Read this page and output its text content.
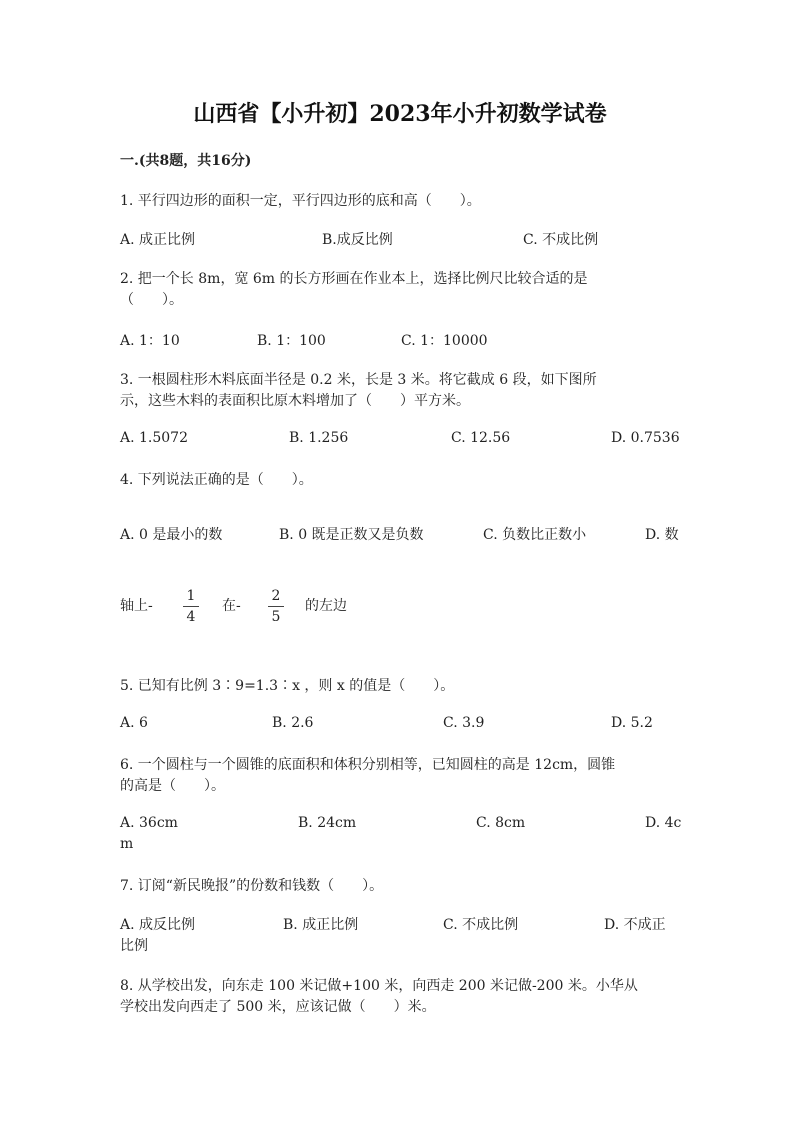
山西省【小升初】2023年小升初数学试卷
一.(共8题，共16分)
1. 平行四边形的面积一定，平行四边形的底和高（　　）。
A. 成正比例	B.成反比例	C. 不成比例
2. 把一个长 8m，宽 6m 的长方形画在作业本上，选择比例尺比较合适的是
（　　）。
A. 1：10	B. 1：100	C. 1：10000
3. 一根圆柱形木料底面半径是 0.2 米，长是 3 米。将它截成 6 段，如下图所
示，这些木料的表面积比原木料增加了（　　）平方米。
A. 1.5072	B. 1.256	C. 12.56	D. 0.7536
4. 下列说法正确的是（　　）。
A. 0 是最小的数	B. 0 既是正数又是负数	C. 负数比正数小	D. 数
轴上-
1
4
在-
2
5
的左边
5. 已知有比例 3∶9=1.3∶x ，则 x 的值是（　　）。
A. 6	B. 2.6	C. 3.9	D. 5.2
6. 一个圆柱与一个圆锥的底面积和体积分别相等，已知圆柱的高是 12cm，圆锥
的高是（　　）。
A. 36cm	B. 24cm	C. 8cm	D. 4c
m
7. 订阅“新民晚报”的份数和钱数（　　）。
A. 成反比例	B. 成正比例	C. 不成比例	D. 不成正
比例
8. 从学校出发，向东走 100 米记做+100 米，向西走 200 米记做-200 米。小华从
学校出发向西走了 500 米，应该记做（　　）米。
